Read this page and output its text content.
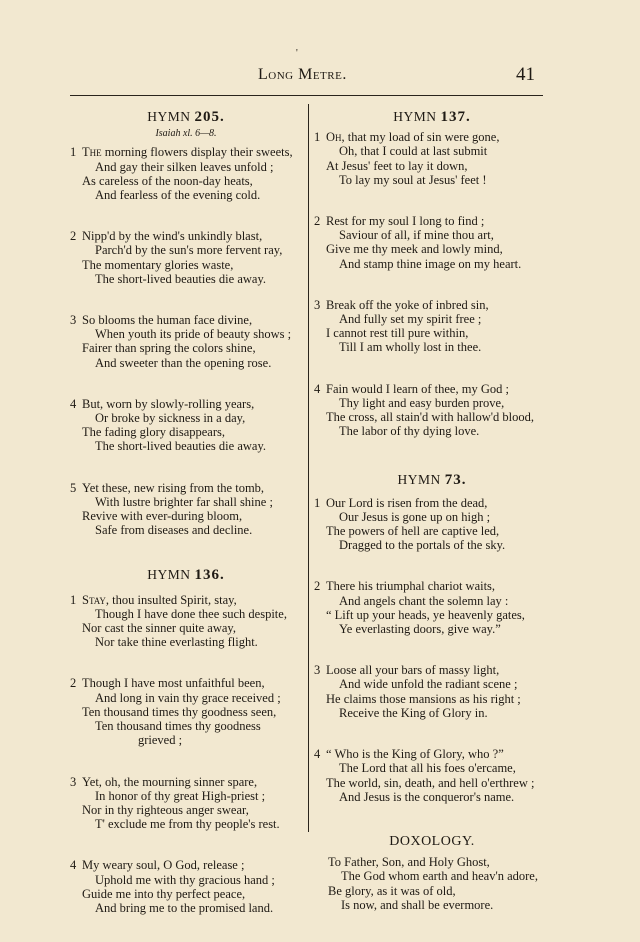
'
Long Metre.	41
HYMN 205.
Isaiah xl. 6—8.
1 The morning flowers display their sweets,
And gay their silken leaves unfold ;
As careless of the noon-day heats,
And fearless of the evening cold.
2 Nipp'd by the wind's unkindly blast,
Parch'd by the sun's more fervent ray,
The momentary glories waste,
The short-lived beauties die away.
3 So blooms the human face divine,
When youth its pride of beauty shows ;
Fairer than spring the colors shine,
And sweeter than the opening rose.
4 But, worn by slowly-rolling years,
Or broke by sickness in a day,
The fading glory disappears,
The short-lived beauties die away.
5 Yet these, new rising from the tomb,
With lustre brighter far shall shine ;
Revive with ever-during bloom,
Safe from diseases and decline.
HYMN 136.
1 Stay, thou insulted Spirit, stay,
Though I have done thee such despite,
Nor cast the sinner quite away,
Nor take thine everlasting flight.
2 Though I have most unfaithful been,
And long in vain thy grace received ;
Ten thousand times thy goodness seen,
Ten thousand times thy goodness
grieved ;
3 Yet, oh, the mourning sinner spare,
In honor of thy great High-priest ;
Nor in thy righteous anger swear,
T' exclude me from thy people's rest.
4 My weary soul, O God, release ;
Uphold me with thy gracious hand ;
Guide me into thy perfect peace,
And bring me to the promised land.
HYMN 137.
1 Oh, that my load of sin were gone,
Oh, that I could at last submit
At Jesus' feet to lay it down,
To lay my soul at Jesus' feet !
2 Rest for my soul I long to find ;
Saviour of all, if mine thou art,
Give me thy meek and lowly mind,
And stamp thine image on my heart.
3 Break off the yoke of inbred sin,
And fully set my spirit free ;
I cannot rest till pure within,
Till I am wholly lost in thee.
4 Fain would I learn of thee, my God ;
Thy light and easy burden prove,
The cross, all stain'd with hallow'd blood,
The labor of thy dying love.
HYMN 73.
1 Our Lord is risen from the dead,
Our Jesus is gone up on high ;
The powers of hell are captive led,
Dragged to the portals of the sky.
2 There his triumphal chariot waits,
And angels chant the solemn lay :
“ Lift up your heads, ye heavenly gates,
Ye everlasting doors, give way.”
3 Loose all your bars of massy light,
And wide unfold the radiant scene ;
He claims those mansions as his right ;
Receive the King of Glory in.
4 “ Who is the King of Glory, who ?”
The Lord that all his foes o'ercame,
The world, sin, death, and hell o'erthrew ;
And Jesus is the conqueror's name.
DOXOLOGY.
To Father, Son, and Holy Ghost,
The God whom earth and heav'n adore,
Be glory, as it was of old,
Is now, and shall be evermore.
